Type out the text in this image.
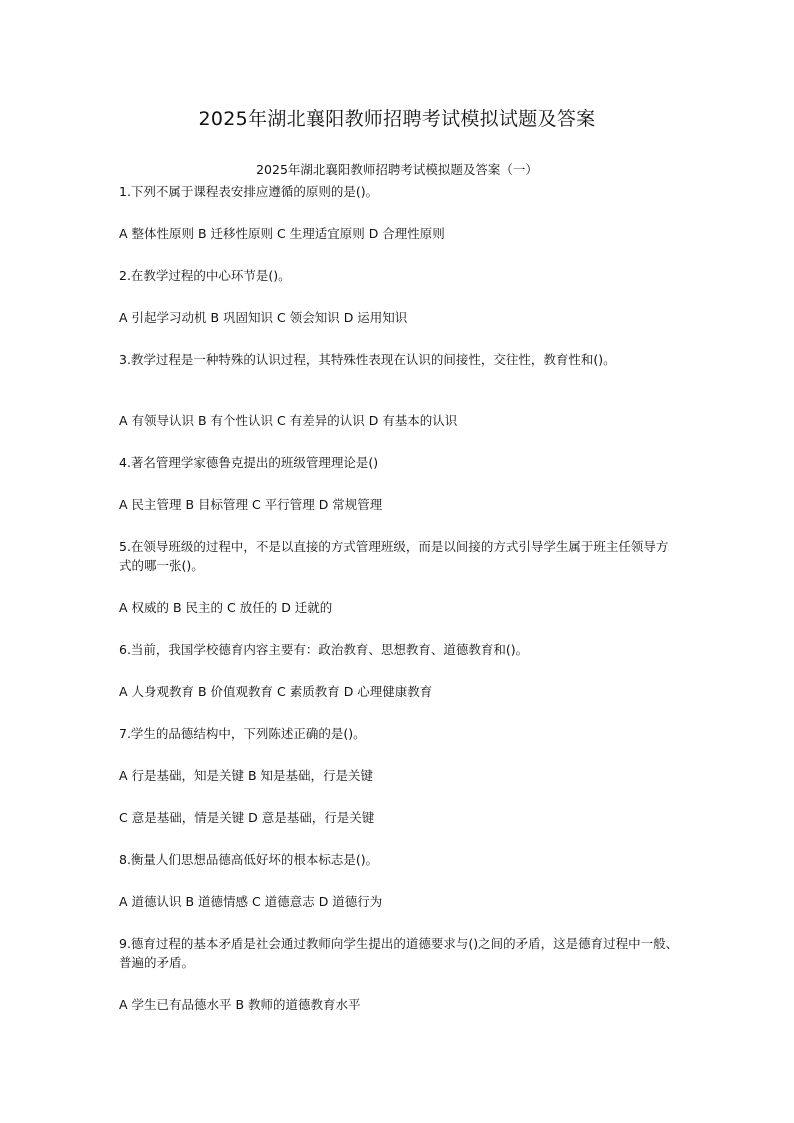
2025年湖北襄阳教师招聘考试模拟试题及答案

2025年湖北襄阳教师招聘考试模拟题及答案（一）

1.下列不属于课程表安排应遵循的原则的是()。

A 整体性原则 B 迁移性原则 C 生理适宜原则 D 合理性原则

2.在教学过程的中心环节是()。

A 引起学习动机 B 巩固知识 C 领会知识 D 运用知识

3.教学过程是一种特殊的认识过程，其特殊性表现在认识的间接性，交往性，教育性和()。

A 有领导认识 B 有个性认识 C 有差异的认识 D 有基本的认识

4.著名管理学家德鲁克提出的班级管理理论是()

A 民主管理 B 目标管理 C 平行管理 D 常规管理

5.在领导班级的过程中，不是以直接的方式管理班级，而是以间接的方式引导学生属于班主任领导方式的哪一张()。

A 权威的 B 民主的 C 放任的 D 迁就的

6.当前，我国学校德育内容主要有：政治教育、思想教育、道德教育和()。

A 人身观教育 B 价值观教育 C 素质教育 D 心理健康教育

7.学生的品德结构中，下列陈述正确的是()。

A 行是基础，知是关键 B 知是基础，行是关键

C 意是基础，情是关键 D 意是基础，行是关键

8.衡量人们思想品德高低好坏的根本标志是()。

A 道德认识 B 道德情感 C 道德意志 D 道德行为

9.德育过程的基本矛盾是社会通过教师向学生提出的道德要求与()之间的矛盾，这是德育过程中一般、普遍的矛盾。

A 学生已有品德水平 B 教师的道德教育水平
